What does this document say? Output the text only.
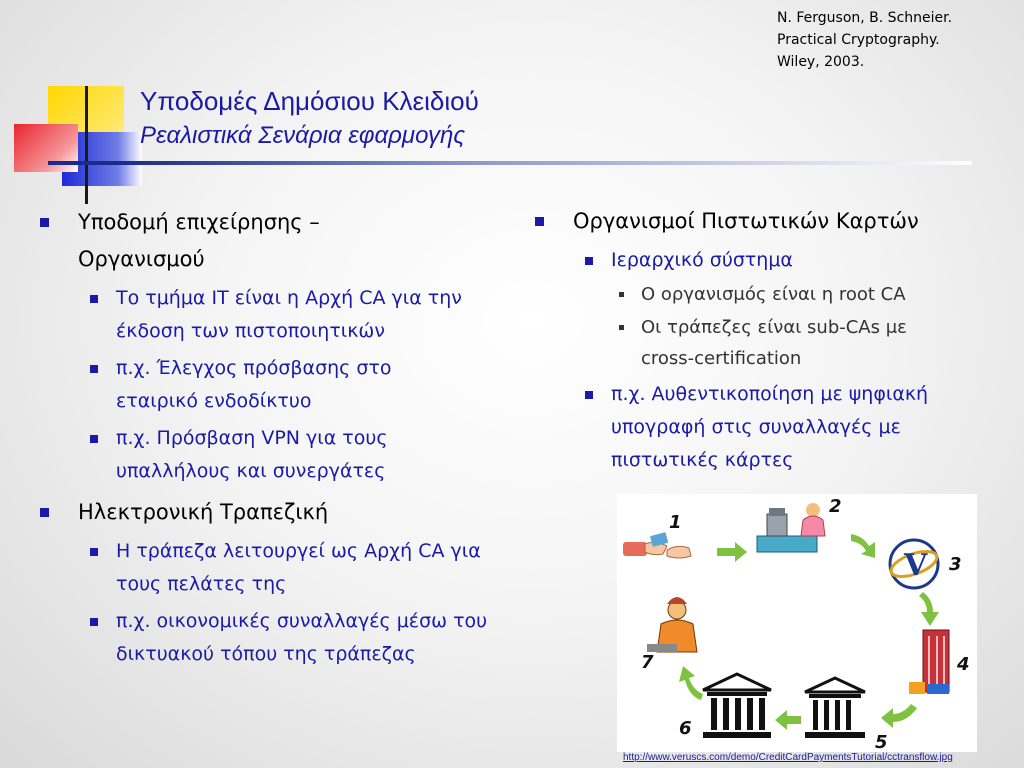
N. Ferguson, B. Schneier.
Practical Cryptography.
Wiley, 2003.
Υποδομές Δημόσιου Κλειδιού
Ρεαλιστικά Σενάρια εφαρμογής
Υποδομή επιχείρησης – Οργανισμού
Το τμήμα IT είναι η Αρχή CA για την έκδοση των πιστοποιητικών
π.χ. Έλεγχος πρόσβασης στο εταιρικό ενδοδίκτυο
π.χ. Πρόσβαση VPN για τους υπαλλήλους και συνεργάτες
Ηλεκτρονική Τραπεζική
Η τράπεζα λειτουργεί ως Αρχή CA για τους πελάτες της
π.χ. οικονομικές συναλλαγές μέσω του δικτυακού τόπου της τράπεζας
Οργανισμοί Πιστωτικών Καρτών
Ιεραρχικό σύστημα
Ο οργανισμός είναι η root CA
Οι τράπεζες είναι sub-CAs με cross-certification
π.χ. Αυθεντικοποίηση με ψηφιακή υπογραφή στις συναλλαγές με πιστωτικές κάρτες
V
1
2
3
4
5
6
7
http://www.veruscs.com/demo/CreditCardPaymentsTutorial/cctransflow.jpg
